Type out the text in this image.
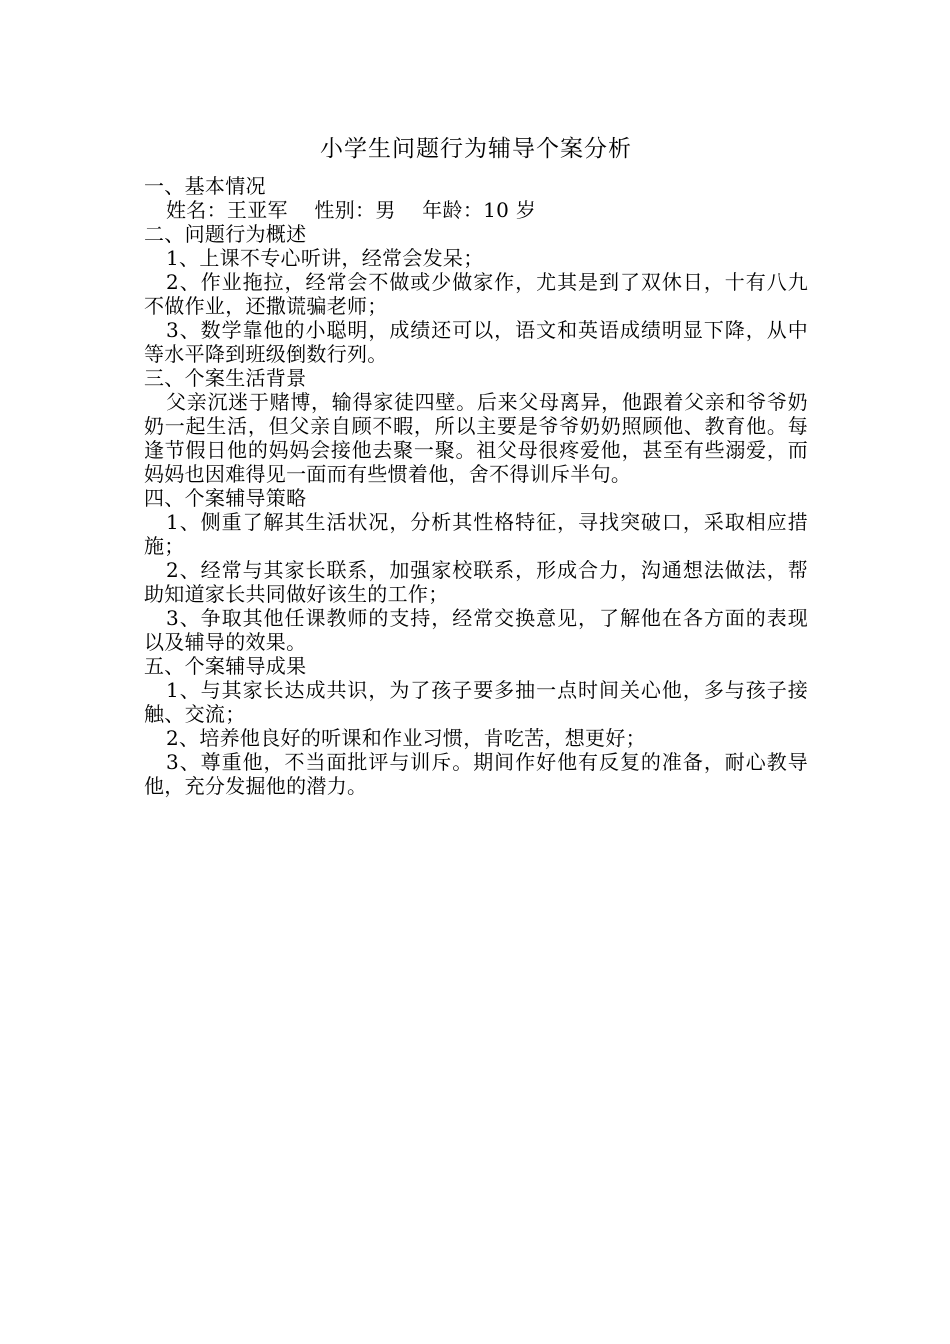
小学生问题行为辅导个案分析

一、基本情况

姓名：王亚军    性别：男    年龄：10 岁

二、问题行为概述

1、上课不专心听讲，经常会发呆；

2、作业拖拉，经常会不做或少做家作，尤其是到了双休日，十有八九不做作业，还撒谎骗老师；

3、数学靠他的小聪明，成绩还可以，语文和英语成绩明显下降，从中等水平降到班级倒数行列。

三、个案生活背景

父亲沉迷于赌博，输得家徒四壁。后来父母离异，他跟着父亲和爷爷奶奶一起生活，但父亲自顾不暇，所以主要是爷爷奶奶照顾他、教育他。每逢节假日他的妈妈会接他去聚一聚。祖父母很疼爱他，甚至有些溺爱，而妈妈也因难得见一面而有些惯着他，舍不得训斥半句。

四、个案辅导策略

1、侧重了解其生活状况，分析其性格特征，寻找突破口，采取相应措施；

2、经常与其家长联系，加强家校联系，形成合力，沟通想法做法，帮助知道家长共同做好该生的工作；

3、争取其他任课教师的支持，经常交换意见，了解他在各方面的表现以及辅导的效果。

五、个案辅导成果

1、与其家长达成共识，为了孩子要多抽一点时间关心他，多与孩子接触、交流；

2、培养他良好的听课和作业习惯，肯吃苦，想更好；

3、尊重他，不当面批评与训斥。期间作好他有反复的准备，耐心教导他，充分发掘他的潜力。
